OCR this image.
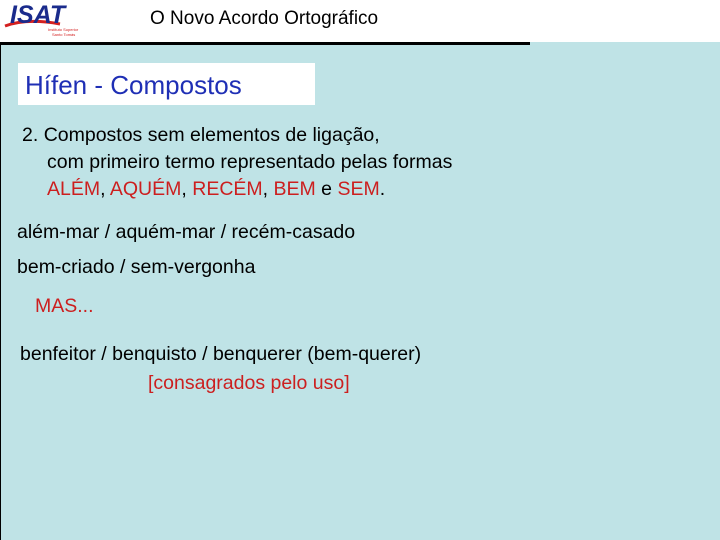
ISAT
Instituto Superior
Santo Tomás
O Novo Acordo Ortográfico
Hífen - Compostos
2. Compostos sem elementos de ligação,
com primeiro termo representado pelas formas
ALÉM, AQUÉM, RECÉM, BEM e SEM.
além-mar / aquém-mar / recém-casado
bem-criado / sem-vergonha
MAS...
benfeitor / benquisto / benquerer (bem-querer)
[consagrados pelo uso]
